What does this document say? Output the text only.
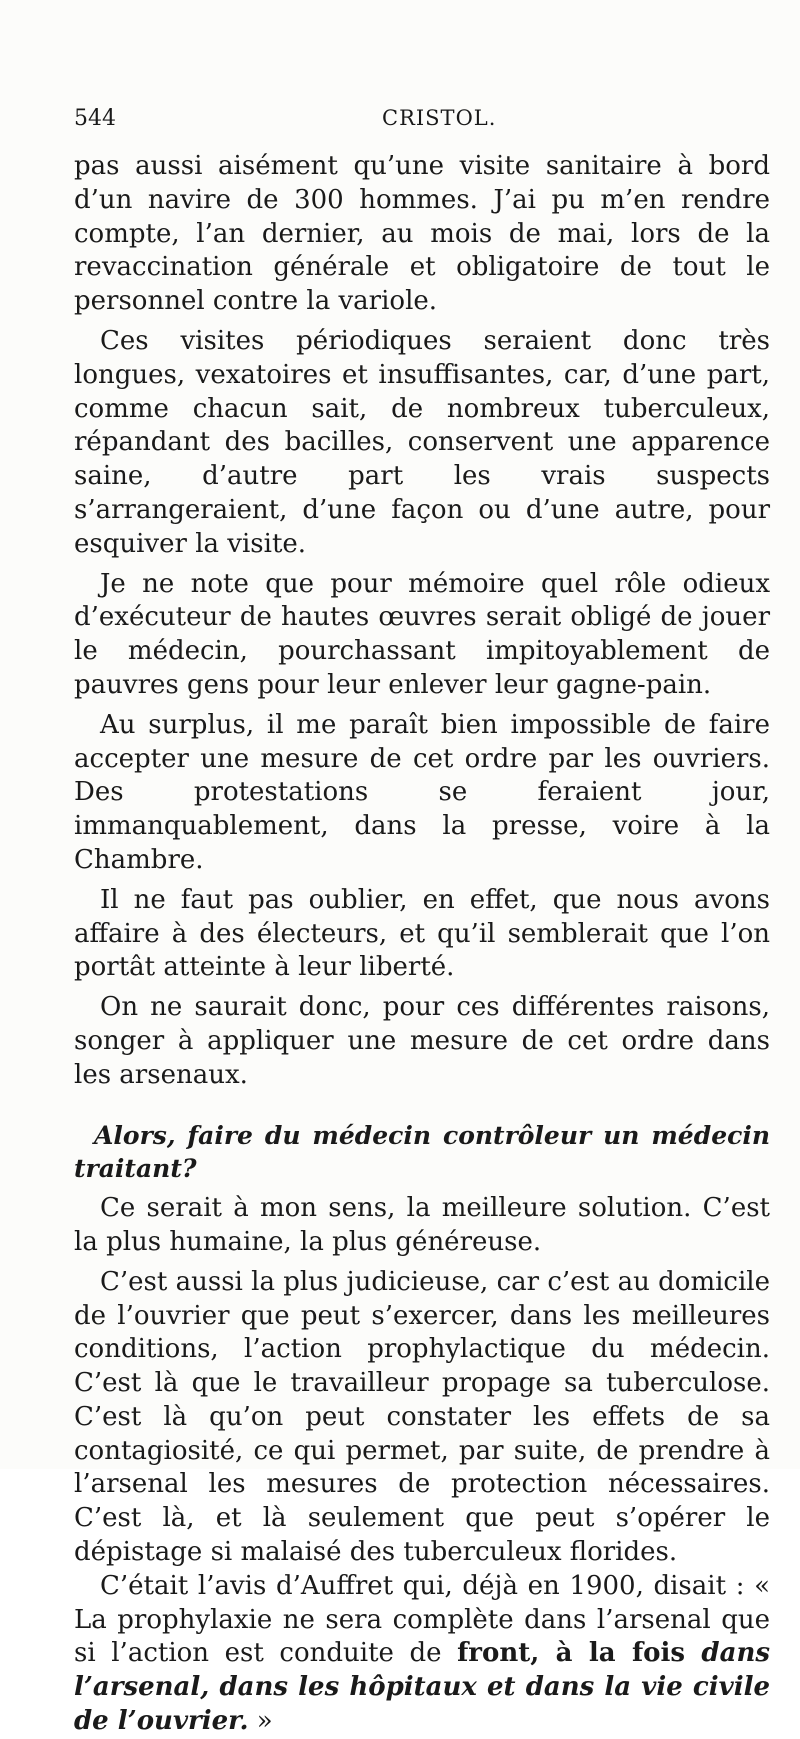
544	CRISTOL.

pas aussi aisément qu’une visite sanitaire à bord d’un navire de 300 hommes. J’ai pu m’en rendre compte, l’an dernier, au mois de mai, lors de la revaccination générale et obligatoire de tout le personnel contre la variole.

Ces visites périodiques seraient donc très longues, vexatoires et insuffisantes, car, d’une part, comme chacun sait, de nombreux tuberculeux, répandant des bacilles, conservent une apparence saine, d’autre part les vrais suspects s’arrangeraient, d’une façon ou d’une autre, pour esquiver la visite.

Je ne note que pour mémoire quel rôle odieux d’exécuteur de hautes œuvres serait obligé de jouer le médecin, pourchassant impitoyablement de pauvres gens pour leur enlever leur gagne-pain.

Au surplus, il me paraît bien impossible de faire accepter une mesure de cet ordre par les ouvriers. Des protestations se feraient jour, immanquablement, dans la presse, voire à la Chambre.

Il ne faut pas oublier, en effet, que nous avons affaire à des électeurs, et qu’il semblerait que l’on portât atteinte à leur liberté.

On ne saurait donc, pour ces différentes raisons, songer à appliquer une mesure de cet ordre dans les arsenaux.

Alors, faire du médecin contrôleur un médecin traitant?

Ce serait à mon sens, la meilleure solution. C’est la plus humaine, la plus généreuse.

C’est aussi la plus judicieuse, car c’est au domicile de l’ouvrier que peut s’exercer, dans les meilleures conditions, l’action prophylactique du médecin. C’est là que le travailleur propage sa tuberculose. C’est là qu’on peut constater les effets de sa contagiosité, ce qui permet, par suite, de prendre à l’arsenal les mesures de protection nécessaires. C’est là, et là seulement que peut s’opérer le dépistage si malaisé des tuberculeux florides.

C’était l’avis d’Auffret qui, déjà en 1900, disait : « La prophylaxie ne sera complète dans l’arsenal que si l’action est conduite de front, à la fois dans l’arsenal, dans les hôpitaux et dans la vie civile de l’ouvrier. »
